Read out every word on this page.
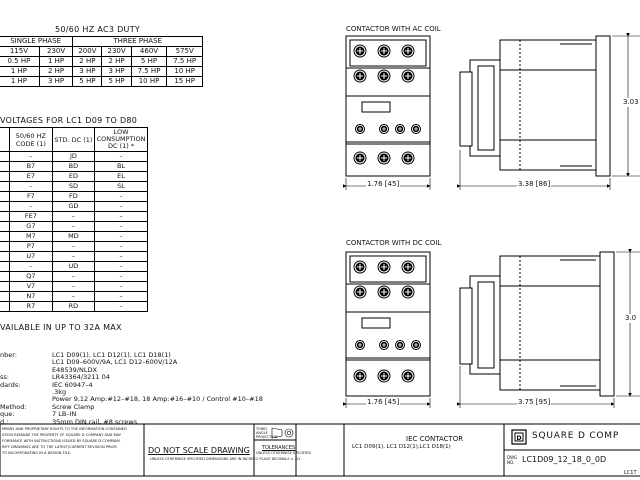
50/60 HZ AC3 DUTY
SINGLE PHASE		THREE PHASE			
115V	230V	200V	230V	460V	575V
0.5 HP	1 HP	2 HP	2 HP	5 HP	7.5 HP
1 HP	2 HP	3 HP	3 HP	7.5 HP	10 HP
1 HP	3 HP	5 HP	5 HP	10 HP	15 HP
VOLTAGES FOR LC1 D09 TO D80
	50/60 HZ CODE (1)	STD. DC (1)	LOW CONSUMPTION DC (1) *
	–	JD	–
	B7	BD	BL
	E7	ED	EL
	–	SD	SL
	F7	FD	–
	–	GD	–
	FE7	–	–
	G7	–	–
	M7	MD	–
	P7	–	–
	U7	–	–
	–	UD	–
	Q7	–	–
	V7	–	–
	N7	–	–
	R7	RD	–
VAILABLE IN UP TO 32A MAX
nber:	LC1 D09(1), LC1 D12(1), LC1 D18(1)
LC1 D09–600V/9A, LC1 D12–600V/12A
E48539/NLDX
ss:	LR43364/3211 04
dards:	IEC 60947–4
.3kg
Power 9,12 Amp:#12–#18, 18 Amp:#16–#10 / Control #10–#18
Method:	Screw Clamp
que:	7 LB–IN
d.:	35mm DIN rail, #8 screws
CONTACTOR WITH AC COIL
CONTACTOR WITH DC COIL
D
1.76 [45]	3.38 [86]
3.03
1.76 [45]	3.75 [95]
3.0
MPANY AND PROPRIETARY RIGHTS TO THE INFORMATION CONTAINED
ATION REMAINS THE PROPERTY OF SQUARE D COMPANY AND MAY
FORMANCE WITH INSTRUCTIONS ISSUED BY SQUARE D COMPANY.
RIFY DRAWINGS ARE TO THE LATEST/CURRENT REVISION PRIOR
TO INCORPORATING IN A DESIGN FILE.	DO NOT SCALE DRAWING
UNLESS OTHERWISE SPECIFIED DIMENSIONS ARE IN INCHES
THIRD ANGLE PROJECTION
TOLERANCES
UNLESS OTHERWISE SPECIFIED
2 PLACE DECIMALS ± .01
IEC CONTACTOR
LC1 D09(1), LC1 D12(1),LC1 D18(1)
SQUARE D COMP
DWG NO. LC1D09_12_18_0_0D
LC1T
